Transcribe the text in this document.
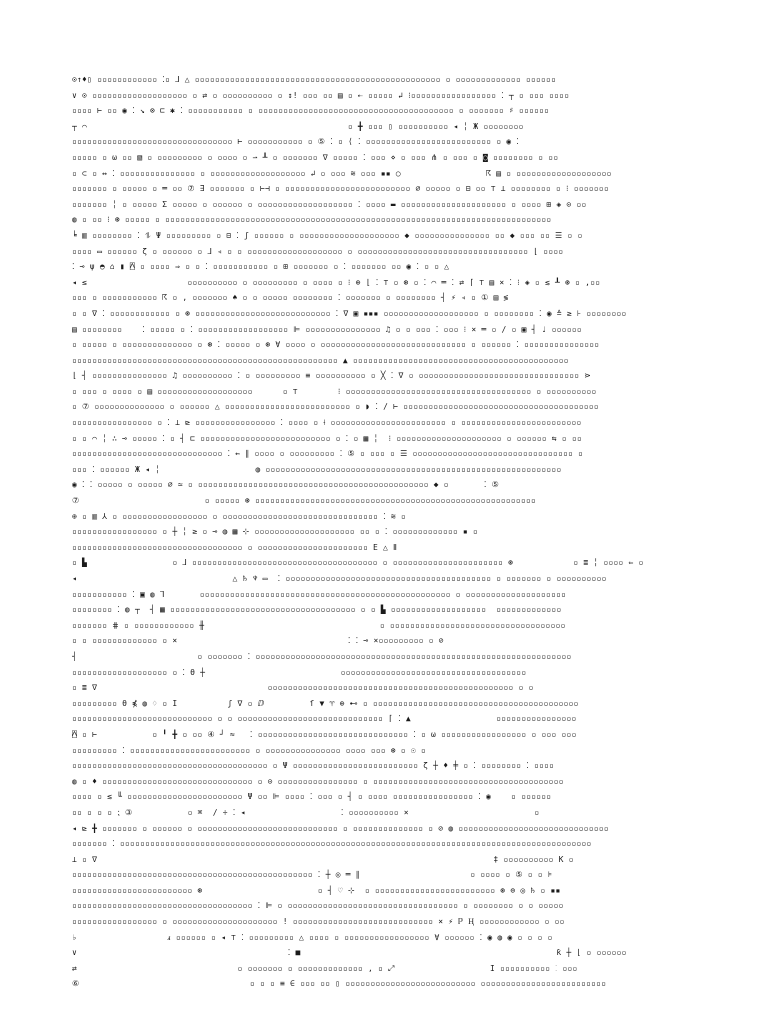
⊙↑♦▯ ▫▫▫▫▫▫▫▫▫▫▫▫ ⁚▫ ⅃ △ ▫▫▫▫▫▫▫▫▫▫▫▫▫▫▫▫▫▫▫▫▫▫▫▫▫▫▫▫▫▫▫▫▫▫▫▫▫▫▫▫▫▫▫▫▫▫▫▫▫ ▫ ▫▫▫▫▫▫▫▫▫▫▫▫▫ ▫▫▫▫▫▫
∨ ⊙ ▫▫▫▫▫▫▫▫▫▫▫▫▫▫▫▫▫▫▫ ▫ ⇄ ▫ ▫▫▫▫▫▫▫▫▫▫ ▫ ↕! ▫▫▫ ▫▫ ▤ ▫ ⇠ ▫▫▫▫▫ ↲ ⁝▫▫▫▫▫▫▫▫▫▫▫▫▫▫▫▫▫ ⁚ ┬ ▫ ▫▫▫ ▫▫▫▫
▫▫▫▫ ⊢ ▫▫ ◉ ⁚ ↘ ⊗ ⊏ ✱ ⁚ ▫▫▫▫▫▫▫▫▫▫▫ ▫ ▫▫▫▫▫▫▫▫▫▫▫▫▫▫▫▫▫▫▫▫▫▫▫▫▫▫▫▫▫▫▫▫▫▫▫▫▫▫▫ ▫ ▫▫▫▫▫▫▫ ♯ ▫▫▫▫▫▫
┬ ⌒                                                    ▫ ╋ ▫▫▫ ▯ ▫▫▫▫▫▫▫▫▫▫ ◂ ╎ Ж ▫▫▫▫▫▫▫▫
▫▫▫▫▫▫▫▫▫▫▫▫▫▫▫▫▫▫▫▫▫▫▫▫▫▫▫▫▫▫▫▫ ⊢ ▫▫▫▫▫▫▫▫▫▫▫ ▫ ⑤ ⁚ ▫ ⟨ ⁚ ▫▫▫▫▫▫▫▫▫▫▫▫▫▫▫▫▫▫▫▫▫▫▫▫▫ ▫ ◉ ⁚
▫▫▫▫▫ ▫ ω ▫▫ ▧ ▫ ▫▫▫▫▫▫▫▫▫ ▫ ▫▫▫▫ ▫ ⇀ ┸ ▫ ▫▫▫▫▫▫▫ ∇ ▫▫▫▫▫ ⁚ ▫▫▫ ⋄ ▫ ▫▫▫ ⋔ ▫ ▫▫▫ ▫ ◙ ▫▫▫▫▫▫▫▫ ▫ ▫▫
▫ ⊂ ▫ ↔ ⁚ ▫▫▫▫▫▫▫▫▫▫▫▫▫▫▫ ▫ ▫▫▫▫▫▫▫▫▫▫▫▫▫▫▫▫▫▫▫ ↲ ▫ ▫▫▫ ≋ ▫▫▫ ▪▪ ○                 ☈ ▤ ▫ ▫▫▫▫▫▫▫▫▫▫▫▫▫▫▫▫▫▫▫
▫▫▫▫▫▫▫ ▫ ▫▫▫▫▫ ▫ ═ ▫▫ ⑦ ∃ ▫▫▫▫▫▫▫ ▫ ⊢⊣ ▫ ▫▫▫▫▫▫▫▫▫▫▫▫▫▫▫▫▫▫▫▫▫▫▫▫▫ ∅ ▫▫▫▫▫ ▫ ⊟ ▫▫ ⊤ ⊥ ▫▫▫▫▫▫▫▫ ▫ ⁝ ▫▫▫▫▫▫▫
▫▫▫▫▫▫▫ ╎ ▫ ▫▫▫▫▫ Σ ▫▫▫▫▫ ▫ ▫▫▫▫▫▫ ▫ ▫▫▫▫▫▫▫▫▫▫▫▫▫▫▫▫▫▫▫ ⁚ ▫▫▫▫ ▬ ▫▫▫▫▫▫▫▫▫▫▫▫▫▫▫▫▫▫▫▫▫ ▫ ▫▫▫▫ ⊞ ◈ ⊙ ▫▫
◍ ▫ ▫▫ ⁝ ⊛ ▫▫▫▫▫ ▫ ▫▫▫▫▫▫▫▫▫▫▫▫▫▫▫▫▫▫▫▫▫▫▫▫▫▫▫▫▫▫▫▫▫▫▫▫▫▫▫▫▫▫▫▫▫▫▫▫▫▫▫▫▫▫▫▫▫▫▫▫▫▫▫▫▫▫▫▫▫▫▫▫▫▫▫▫▫
╘ ▥ ▫▫▫▫▫▫▫▫ ⁚ ⥮ Ψ ▫▫▫▫▫▫▫▫▫ ▫ ⊟ ⁚ ʃ ▫▫▫▫▫▫ ▫ ▫▫▫▫▫▫▫▫▫▫▫▫▫▫▫▫▫▫▫▫ ◆ ▫▫▫▫▫▫▫▫▫▫▫▫▫▫▫ ▫▫ ◆ ▫▫▫ ▫▫ ☰ ▫ ▫
▫▫▫▫ ▭ ▫▫▫▫▫▫ ζ ▫ ▫▫▫▫▫▫ ▫ ⅃ ◃ ▫ ▫ ▫▫▫▫▫▫▫▫▫▫▫▫▫▫▫▫▫▫▫ ▫ ▫▫▫▫▫▫▫▫▫▫▫▫▫▫▫▫▫▫▫▫▫▫▫▫▫▫▫▫▫▫▫▫▫▫ ⌊ ▫▫▫▫
⁚ ⊸ ψ ◓ ⌂ ▮ ⍓ ▫ ▫▫▫▫ ⇒ ▫ ▫ ⁚ ▫▫▫▫▫▫▫▫▫▫▫ ▫ ⊞ ▫▫▫▫▫▫▫ ▫ ⁚ ▫▫▫▫▫▫▫ ▫▫ ◉ ⁚ ▫ ▫ △
◂ ≤                    ▫▫▫▫▫▫▫▫▫▫ ▫ ▫▫▫▫▫▫▫▫▫ ▫ ▫▫▫▫ ▫ ⁝ ⊕ ⌊ ⁚ ⊤ ▫ ⊛ ▫ ⁚ ⌒ ═ ⁚ ⇄ ⌈ ⊤ ▤ × ⁚ ⁝ ◈ ▫ ≲ ┸ ⊛ ▫ ,▫▫
▫▫▫ ▫ ▫▫▫▫▫▫▫▫▫▫▫ ☈ ▫ ‚ ▫▫▫▫▫▫▫ ♠ ▫ ▫ ▫▫▫▫▫ ▫▫▫▫▫▫▫▫ ⁚ ▫▫▫▫▫▫▫ ▫ ▫▫▫▫▫▫▫▫ ┤ ⚡ ◃ ▫ ① ▤ ≶
▫ ▫ ∇ ⁚ ▫▫▫▫▫▫▫▫▫▫▫▫ ▫ ⊛ ▫▫▫▫▫▫▫▫▫▫▫▫▫▫▫▫▫▫▫▫▫▫▫▫▫▫▫ ⁚ ∇ ▣ ▪▪▪ ▫▫▫▫▫▫▫▫▫▫▫▫▫▫▫▫▫▫▫ ▫ ▫▫▫▫▫▫▫▫ ⁚ ◉ ≙ ≥ ⊦ ▫▫▫▫▫▫▫▫
▤ ▫▫▫▫▫▫▫▫    ⁚ ▫▫▫▫▫ ▫ ⁚ ▫▫▫▫▫▫▫▫▫▫▫▫▫▫▫▫▫▫ ⊫ ▫▫▫▫▫▫▫▫▫▫▫▫▫▫▫ ♫ ▫ ▫ ▫▫▫ ⁚ ▫▫▫ ⁝ × ═ ▫ ∕ ▫ ▣ ┤ ♩ ▫▫▫▫▫▫
▫ ▫▫▫▫▫ ▫ ▫▫▫▫▫▫▫▫▫▫▫▫▫▫ ▫ ⊛ ⁚ ▫▫▫▫▫ ▫ ⊛ ∀ ▫▫▫▫ ▫ ▫▫▫▫▫▫▫▫▫▫▫▫▫▫▫▫▫▫▫▫▫▫▫▫▫▫▫▫▫ ▫ ▫▫▫▫▫▫ ⁚ ▫▫▫▫▫▫▫▫▫▫▫▫▫▫▫
▫▫▫▫▫▫▫▫▫▫▫▫▫▫▫▫▫▫▫▫▫▫▫▫▫▫▫▫▫▫▫▫▫▫▫▫▫▫▫▫▫▫▫▫▫▫▫▫▫▫▫▫▫ ▲ ▫▫▫▫▫▫▫▫▫▫▫▫▫▫▫▫▫▫▫▫▫▫▫▫▫▫▫▫▫▫▫▫▫▫▫▫▫▫▫▫▫▫▫
⌊ ┤ ▫▫▫▫▫▫▫▫▫▫▫▫▫▫▫ ♫ ▫▫▫▫▫▫▫▫▫▫ ⁚ ▫ ▫▫▫▫▫▫▫▫▫ ≡ ▫▫▫▫▫▫▫▫▫▫ ▫ ╳ ⁚ ∇ ▫ ▫▫▫▫▫▫▫▫▫▫▫▫▫▫▫▫▫▫▫▫▫▫▫▫▫▫▫▫▫▫▫▫ ⋗
▫ ▫▫▫ ▫ ▫▫▫▫ ▫ ▤ ▫▫▫▫▫▫▫▫▫▫▫▫▫▫▫▫▫▫▫      ▫ ⊤        ⁝ ▫▫▫▫▫▫▫▫▫▫▫▫▫▫▫▫▫▫▫▫▫▫▫▫▫▫▫▫▫▫▫▫▫▫▫▫▫ ▫ ▫▫▫▫▫▫▫▫▫▫
▫ ⑦ ▫▫▫▫▫▫▫▫▫▫▫▫▫▫ ▫ ▫▫▫▫▫▫ △ ▫▫▫▫▫▫▫▫▫▫▫▫▫▫▫▫▫▫▫▫▫▫▫▫▫ ▫ ◗ ⁚ ∕ ⊢ ▫▫▫▫▫▫▫▫▫▫▫▫▫▫▫▫▫▫▫▫▫▫▫▫▫▫▫▫▫▫▫▫▫▫▫▫▫▫▫
▫▫▫▫▫▫▫▫▫▫▫▫▫▫▫▫ ▫ ⁚ ⊥ ⊵ ▫▫▫▫▫▫▫▫▫▫▫▫▫▫▫▫ ⁚ ▫▫▫▫ ▫ ⟊ ▫▫▫▫▫▫▫▫▫▫▫▫▫▫▫▫▫▫▫▫▫▫▫ ▫ ▫▫▫▫▫▫▫▫▫▫▫▫▫▫▫▫▫▫▫▫▫▫▫▫
▫ ▫ ⌒ ╎ ∴ ⊸ ▫▫▫▫▫ ⁚ ▫ ┤ ⊏ ▫▫▫▫▫▫▫▫▫▫▫▫▫▫▫▫▫▫▫▫▫▫▫▫▫▫ ▫ ⁚ ▫ ▦ ╎  ⁝ ▫▫▫▫▫▫▫▫▫▫▫▫▫▫▫▫▫▫▫▫▫ ▫ ▫▫▫▫▫▫ ⇆ ▫ ▫▫
▫▫▫▫▫▫▫▫▫▫▫▫▫▫▫▫▫▫▫▫▫▫▫▫▫▫▫▫▫▫ ⁚ ⇜ ∥ ▫▫▫▫ ▫ ▫▫▫▫▫▫▫▫▫ ⁚ ⑤ ▫ ▫▫▫ ▫ ☰ ▫▫▫▫▫▫▫▫▫▫▫▫▫▫▫▫▫▫▫▫▫▫▫▫▫▫▫▫▫▫▫▫ ▫
▫▫▫ ⁚ ▫▫▫▫▫▫ Ж ◂ ╎                   ◍ ▫▫▫▫▫▫▫▫▫▫▫▫▫▫▫▫▫▫▫▫▫▫▫▫▫▫▫▫▫▫▫▫▫▫▫▫▫▫▫▫▫▫▫▫▫▫▫▫▫▫▫▫▫▫▫▫▫▫▫
◉ ⁚ ⁚ ▫▫▫▫▫ ▫ ▫▫▫▫▫ ∅ ≃ ▫ ▫▫▫▫▫▫▫▫▫▫▫▫▫▫▫▫▫▫▫▫▫▫▫▫▫▫▫▫▫▫▫▫▫▫▫▫▫▫▫▫▫▫▫▫▫▫ ◆ ▫       ⁚ ⑤
⑦                         ▫ ▫▫▫▫▫ ⊛ ▫▫▫▫▫▫▫▫▫▫▫▫▫▫▫▫▫▫▫▫▫▫▫▫▫▫▫▫▫▫▫▫▫▫▫▫▫▫▫▫▫▫▫▫▫▫▫▫▫▫▫▫▫▫▫▫
⊕ ▫ ▥ ⅄ ▫ ▫▫▫▫▫▫▫▫▫▫▫▫▫▫▫▫▫ ▫ ▫▫▫▫▫▫▫▫▫▫▫▫▫▫▫▫▫▫▫▫▫▫▫▫▫▫▫▫▫▫▫ ⁚ ≋ ▫
▫▫▫▫▫▫▫▫▫▫▫▫▫▫▫▫▫ ▫ ┼ ╎ ≥ ▫ ⊸ ◍ ▦ ⊹ ▫▫▫▫▫▫▫▫▫▫▫▫▫▫▫▫▫▫▫▫ ▫▫ ▫ ⁚ ▫▫▫▫▫▫▫▫▫▫▫▫▫ ▪ ▫
▫▫▫▫▫▫▫▫▫▫▫▫▫▫▫▫▫▫▫▫▫▫▫▫▫▫▫▫▫▫▫▫▫▫ ▫ ▫▫▫▫▫▫▫▫▫▫▫▫▫▫▫▫▫▫▫▫▫▫ E △ Ⅱ
▫ ▙                 ▫ ⅃ ▫▫▫▫▫▫▫▫▫▫▫▫▫▫▫▫▫▫▫▫▫▫▫▫▫▫▫▫▫▫▫▫▫▫▫▫▫ ▫ ▫▫▫▫▫▫▫▫▫▫▫▫▫▫▫▫▫▫▫▫▫▫ ⊛            ▫ ≣ ╎ ▫▫▫▫ ⇐ ▫
◂                               △ ♄ ♆ ▭  ⁚ ▫▫▫▫▫▫▫▫▫▫▫▫▫▫▫▫▫▫▫▫▫▫▫▫▫▫▫▫▫▫▫▫▫▫▫▫▫▫▫▫▫ ▫ ▫▫▫▫▫▫▫ ▫ ▫▫▫▫▫▫▫▫▫▫
▫▫▫▫▫▫▫▫▫▫▫ ⁚ ▣ ◍ ⅂       ▫▫▫▫▫▫▫▫▫▫▫▫▫▫▫▫▫▫▫▫▫▫▫▫▫▫▫▫▫▫▫▫▫▫▫▫▫▫▫▫▫▫▫▫▫▫▫▫▫▫ ▫ ▫▫▫▫▫▫▫▫▫▫▫▫▫▫▫▫▫▫▫▫
▫▫▫▫▫▫▫▫ ⁚ ◍ ┬  ┤ ▦ ▫▫▫▫▫▫▫▫▫▫▫▫▫▫▫▫▫▫▫▫▫▫▫▫▫▫▫▫▫▫▫▫▫▫▫▫▫ ▫ ▫ ▙ ▫▫▫▫▫▫▫▫▫▫▫▫▫▫▫▫▫▫▫  ▫▫▫▫▫▫▫▫▫▫▫▫▫
▫▫▫▫▫▫▫ ⋕ ▫ ▫▫▫▫▫▫▫▫▫▫▫▫ ╫                                   ▫ ▫▫▫▫▫▫▫▫▫▫▫▫▫▫▫▫▫▫▫▫▫▫▫▫▫▫▫▫▫▫▫▫▫▫▫
▫ ▫ ▫▫▫▫▫▫▫▫▫▫▫▫▫ ▫ ×                                  ⁚ ⁚ ⊸ ×▫▫▫▫▫▫▫▫▫ ▫ ⊘
┤                        ▫ ▫▫▫▫▫▫▫ ⁚ ▫▫▫▫▫▫▫▫▫▫▫▫▫▫▫▫▫▫▫▫▫▫▫▫▫▫▫▫▫▫▫▫▫▫▫▫▫▫▫▫▫▫▫▫▫▫▫▫▫▫▫▫▫▫▫▫▫▫▫▫▫▫▫
▫▫▫▫▫▫▫▫▫▫▫▫▫▫▫▫▫▫▫ ▫ ⁚ θ ┼                           ▫▫▫▫▫▫▫▫▫▫▫▫▫▫▫▫▫▫▫▫▫▫▫▫▫▫▫▫▫▫▫▫▫▫▫▫▫
▫ ≣ ∇                                  ▫▫▫▫▫▫▫▫▫▫▫▫▫▫▫▫▫▫▫▫▫▫▫▫▫▫▫▫▫▫▫▫▫▫▫▫▫▫▫▫▫▫▫▫▫▫▫▫▫ ▫ ▫
▫▫▫▫▫▫▫▫▫ θ ⋠ ◍ ♢ ▫ I          ʃ ∇ ▫ ⅅ         ſ ▼ ♈ ⊕ ⊷ ▫ ▫▫▫▫▫▫▫▫▫▫▫▫▫▫▫▫▫▫▫▫▫▫▫▫▫▫▫▫▫▫▫▫▫▫▫▫▫▫▫▫▫
▫▫▫▫▫▫▫▫▫▫▫▫▫▫▫▫▫▫▫▫▫▫▫▫▫▫▫▫ ▫ ▫ ▫▫▫▫▫▫▫▫▫▫▫▫▫▫▫▫▫▫▫▫▫▫▫▫▫▫▫▫▫ ⌈ ⁚ ▲                 ▫▫▫▫▫▫▫▫▫▫▫▫▫▫▫▫
⍓ ▫ ⊢           ▫ ╹ ╋ ▫ ▫▫ ④ ┘ ≈   ⁚ ▫▫▫▫▫▫▫▫▫▫▫▫▫▫▫▫▫▫▫▫▫▫▫▫▫▫▫▫▫▫ ⁚ ▫ ω ▫▫▫▫▫▫▫▫▫▫▫▫▫▫▫▫▫ ▫ ▫▫▫ ▫▫▫
▫▫▫▫▫▫▫▫▫ ⁚ ▫▫▫▫▫▫▫▫▫▫▫▫▫▫▫▫▫▫▫▫▫▫▫▫ ▫ ▫▫▫▫▫▫▫▫▫▫▫▫▫▫▫ ▫▫▫▫ ▫▫▫ ⊛ ▫ ☉ ▫
▫▫▫▫▫▫▫▫▫▫▫▫▫▫▫▫▫▫▫▫▫▫▫▫▫▫▫▫▫▫▫▫▫▫▫▫▫▫▫ ▫ Ψ ▫▫▫▫▫▫▫▫▫▫▫▫▫▫▫▫▫▫▫▫▫▫▫▫▫ ζ ┼ ♦ ╪ ▫ ⁚ ▫▫▫▫▫▫▫▫ ⁚ ▫▫▫▫
◍ ▫ ♦ ▫▫▫▫▫▫▫▫▫▫▫▫▫▫▫▫▫▫▫▫▫▫▫▫▫▫▫▫▫▫ ▫ ⊙ ▫▫▫▫▫▫▫▫▫▫▫▫▫▫▫▫ ▫ ▫▫▫▫▫▫▫▫▫▫▫▫▫▫▫▫▫▫▫▫▫▫▫▫▫▫▫▫▫▫▫▫▫▫▫▫▫▫
▫▫▫▫ ▫ ≲ ╙ ▫▫▫▫▫▫▫▫▫▫▫▫▫▫▫▫▫▫▫▫▫▫▫ Ψ ▫▫ ⊫ ▫▫▫▫ ⁚ ▫▫▫ ▫ ┤ ▫ ▫▫▫▫ ▫▫▫▫▫▫▫▫▫▫▫▫▫▫▫▫ ⁚ ◉    ▫ ▫▫▫▫▫▫
▫▫ ▫ ▫ ▫ ⁏ ③           ▫ ⌘  ∕ ÷ ⁚ ◂                   ⁚ ▫▫▫▫▫▫▫▫▫▫ ×                         ▫
◂ ⊵ ╋ ▫▫▫▫▫▫▫ ▫ ▫▫▫▫▫▫ ▫ ▫▫▫▫▫▫▫▫▫▫▫▫▫▫▫▫▫▫▫▫▫▫▫▫▫▫▫▫ ▫ ▫▫▫▫▫▫▫▫▫▫▫▫▫▫ ▫ ⊘ ◍ ▫▫▫▫▫▫▫▫▫▫▫▫▫▫▫▫▫▫▫▫▫▫▫▫▫▫▫▫▫▫
▫▫▫▫▫▫▫ ⁚ ▫▫▫▫▫▫▫▫▫▫▫▫▫▫▫▫▫▫▫▫▫▫▫▫▫▫▫▫▫▫▫▫▫▫▫▫▫▫▫▫▫▫▫▫▫▫▫▫▫▫▫▫▫▫▫▫▫▫▫▫▫▫▫▫▫▫▫▫▫▫▫▫▫▫▫▫▫▫▫▫▫▫▫▫▫▫▫▫▫▫▫▫▫▫
⊥ ▫ ∇                                                                               ‡ ▫▫▫▫▫▫▫▫▫▫ K ▫
▫▫▫▫▫▫▫▫▫▫▫▫▫▫▫▫▫▫▫▫▫▫▫▫▫▫▫▫▫▫▫▫▫▫▫▫▫▫▫▫▫▫▫▫▫▫▫▫ ⁚ ┼ ◎ ═ ∥                      ▫ ▫▫▫▫ ▫ ⑤ ▫ ▫ ⊧
▫▫▫▫▫▫▫▫▫▫▫▫▫▫▫▫▫▫▫▫▫▫▫▫ ⊛                       ▫ ┤ ♡ ⊹  ▫ ▫▫▫▫▫▫▫▫▫▫▫▫▫▫▫▫▫▫▫▫▫▫▫▫ ⊛ ⊜ ◎ ♄ ▫ ▪▪
▫▫▫▫▫▫▫▫▫▫▫▫▫▫▫▫▫▫▫▫▫▫▫▫▫▫▫▫▫▫▫▫▫▫▫▫ ⁚ ⊫ ▫ ▫▫▫▫▫▫▫▫▫▫▫▫▫▫▫▫▫▫▫▫▫▫▫▫▫▫▫▫▫▫▫▫▫▫ ▫ ▫▫▫▫▫▫▫▫ ▫ ▫ ▫▫▫▫▫
▫▫▫▫▫▫▫▫▫▫▫▫▫▫▫▫▫ ▫ ▫▫▫▫▫▫▫▫▫▫▫▫▫▫▫▫▫▫▫▫▫ ! ▫▫▫▫▫▫▫▫▫▫▫▫▫▫▫▫▫▫▫▫▫▫▫▫▫▫▫▫ × ⚡ ℙ Ⱨ ▫▫▫▫▫▫▫▫▫▫▫▫ ▫ ▫▫
♭                  ⅎ ▫▫▫▫▫▫ ▫ ◂ ⊤ ⁚ ▫▫▫▫▫▫▫▫▫ △ ▫▫▫▫ ▫ ▫▫▫▫▫▫▫▫▫▫▫▫▫▫▫▫▫ ∀ ▫▫▫▫▫▫ ⁚ ◉ ◍ ◉ ▫ ▫ ▫ ▫
∨                                          ⁚ ■                                                   ƙ ┼ ⌊ ▫ ▫▫▫▫▫▫
⇄                                ▫ ▫▫▫▫▫▫▫ ▫ ▫▫▫▫▫▫▫▫▫▫▫▫▫ ‚ ▫ ⤢                   I ▫▫▫▫▫▫▫▫▫▫ ⁚ ▫▫▫
⑥                                  ▫ ▫ ▫ ≡ ∈ ▫▫▫ ▫▫ ▯ ▫▫▫▫▫▫▫▫▫▫▫▫▫▫▫▫▫▫▫▫▫▫▫▫▫▫ ▫▫▫▫▫▫▫▫▫▫▫▫▫▫▫▫▫▫▫▫▫▫▫▫▫
